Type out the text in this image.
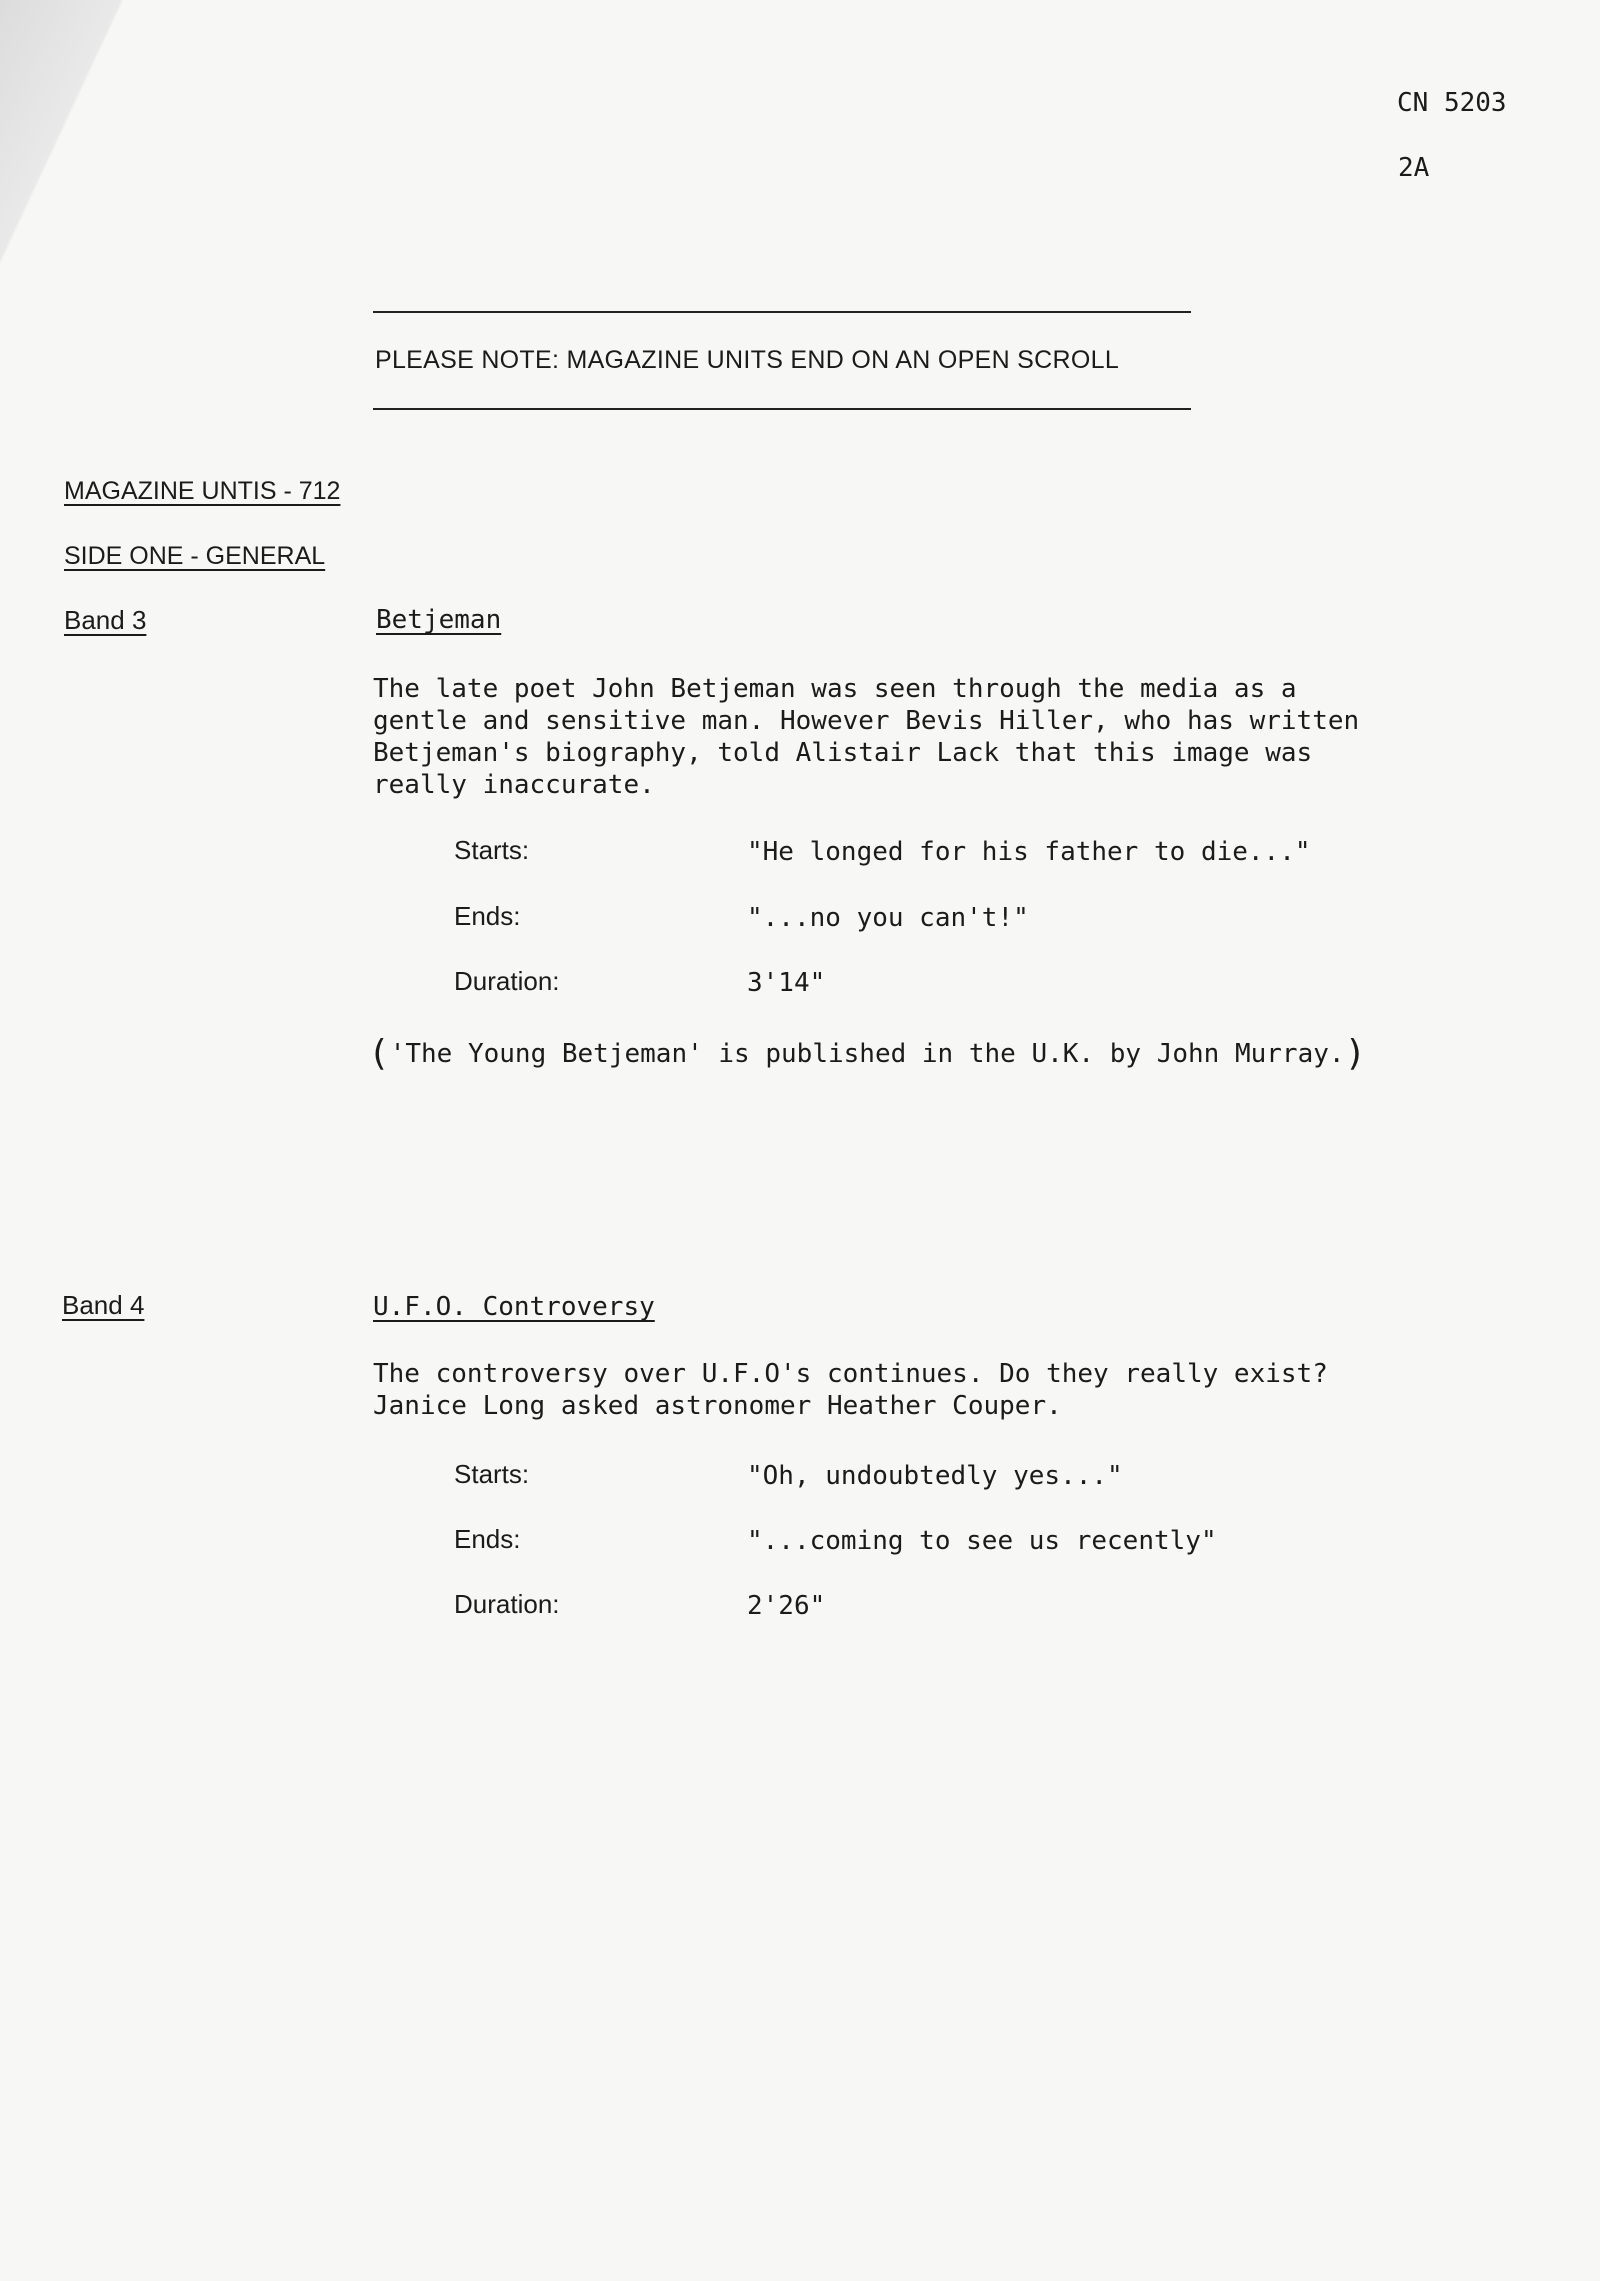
CN 5203
2A
PLEASE NOTE: MAGAZINE UNITS END ON AN OPEN SCROLL
MAGAZINE UNTIS - 712
SIDE ONE - GENERAL
Band 3	Betjeman
The late poet John Betjeman was seen through the media as a
gentle and sensitive man. However Bevis Hiller, who has written
Betjeman's biography, told Alistair Lack that this image was
really inaccurate.
Starts:	"He longed for his father to die..."
Ends:	"...no you can't!"
Duration:	3'14"
('The Young Betjeman' is published in the U.K. by John Murray.)
Band 4	U.F.O. Controversy
The controversy over U.F.O's continues. Do they really exist?
Janice Long asked astronomer Heather Couper.
Starts:	"Oh, undoubtedly yes..."
Ends:	"...coming to see us recently"
Duration:	2'26"
